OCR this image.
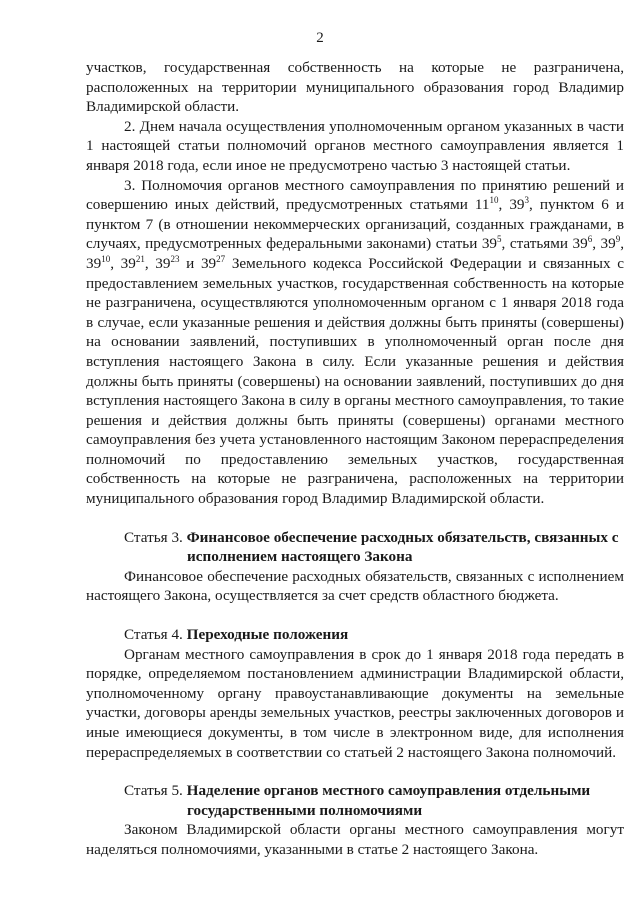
2

участков, государственная собственность на которые не разграничена, расположенных на территории муниципального образования город Владимир Владимирской области.

2. Днем начала осуществления уполномоченным органом указанных в части 1 настоящей статьи полномочий органов местного самоуправления является 1 января 2018 года, если иное не предусмотрено частью 3 настоящей статьи.

3. Полномочия органов местного самоуправления по принятию решений и совершению иных действий, предусмотренных статьями $11^{10}$, $39^3$, пунктом 6 и пунктом 7 (в отношении некоммерческих организаций, созданных гражданами, в случаях, предусмотренных федеральными законами) статьи $39^5$, статьями $39^6$, $39^9$, $39^{10}$, $39^{21}$, $39^{23}$ и $39^{27}$ Земельного кодекса Российской Федерации и связанных с предоставлением земельных участков, государственная собственность на которые не разграничена, осуществляются уполномоченным органом с 1 января 2018 года в случае, если указанные решения и действия должны быть приняты (совершены) на основании заявлений, поступивших в уполномоченный орган после дня вступления настоящего Закона в силу. Если указанные решения и действия должны быть приняты (совершены) на основании заявлений, поступивших до дня вступления настоящего Закона в силу в органы местного самоуправления, то такие решения и действия должны быть приняты (совершены) органами местного самоуправления без учета установленного настоящим Законом перераспределения полномочий по предоставлению земельных участков, государственная собственность на которые не разграничена, расположенных на территории муниципального образования город Владимир Владимирской области.

Статья 3. Финансовое обеспечение расходных обязательств, связанных с

исполнением настоящего Закона

Финансовое обеспечение расходных обязательств, связанных с исполнением настоящего Закона, осуществляется за счет средств областного бюджета.

Статья 4. Переходные положения

Органам местного самоуправления в срок до 1 января 2018 года передать в порядке, определяемом постановлением администрации Владимирской области, уполномоченному органу правоустанавливающие документы на земельные участки, договоры аренды земельных участков, реестры заключенных договоров и иные имеющиеся документы, в том числе в электронном виде, для исполнения перераспределяемых в соответствии со статьей 2 настоящего Закона полномочий.

Статья 5. Наделение органов местного самоуправления отдельными

государственными полномочиями

Законом Владимирской области органы местного самоуправления могут наделяться полномочиями, указанными в статье 2 настоящего Закона.
